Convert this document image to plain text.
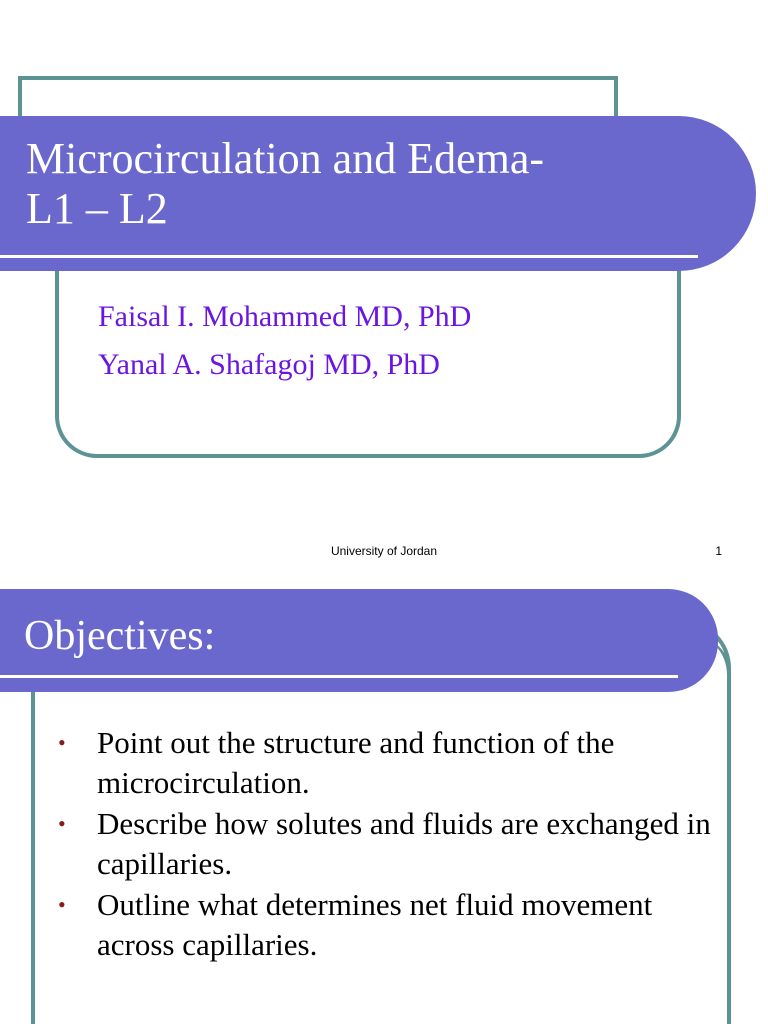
Microcirculation and Edema-
L1 – L2
Faisal I. Mohammed MD, PhD
Yanal A. Shafagoj MD, PhD
University of Jordan	1
Objectives:
• Point out the structure and function of the microcirculation.
• Describe how solutes and fluids are exchanged in capillaries.
• Outline what determines net fluid movement across capillaries.
